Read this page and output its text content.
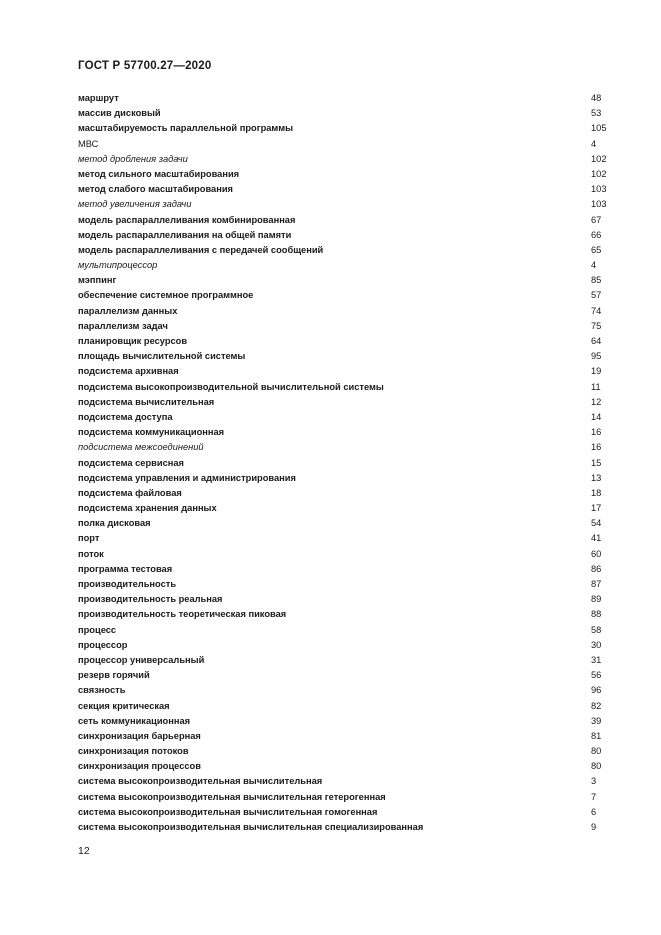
ГОСТ Р 57700.27—2020
маршрут	48
массив дисковый	53
масштабируемость параллельной программы	105
МВС	4
метод дробления задачи	102
метод сильного масштабирования	102
метод слабого масштабирования	103
метод увеличения задачи	103
модель распараллеливания комбинированная	67
модель распараллеливания на общей памяти	66
модель распараллеливания с передачей сообщений	65
мультипроцессор	4
мэппинг	85
обеспечение системное программное	57
параллелизм данных	74
параллелизм задач	75
планировщик ресурсов	64
площадь вычислительной системы	95
подсистема архивная	19
подсистема высокопроизводительной вычислительной системы	11
подсистема вычислительная	12
подсистема доступа	14
подсистема коммуникационная	16
подсистема межсоединений	16
подсистема сервисная	15
подсистема управления и администрирования	13
подсистема файловая	18
подсистема хранения данных	17
полка дисковая	54
порт	41
поток	60
программа тестовая	86
производительность	87
производительность реальная	89
производительность теоретическая пиковая	88
процесс	58
процессор	30
процессор универсальный	31
резерв горячий	56
связность	96
секция критическая	82
сеть коммуникационная	39
синхронизация барьерная	81
синхронизация потоков	80
синхронизация процессов	80
система высокопроизводительная вычислительная	3
система высокопроизводительная вычислительная гетерогенная	7
система высокопроизводительная вычислительная гомогенная	6
система высокопроизводительная вычислительная специализированная	9
12
